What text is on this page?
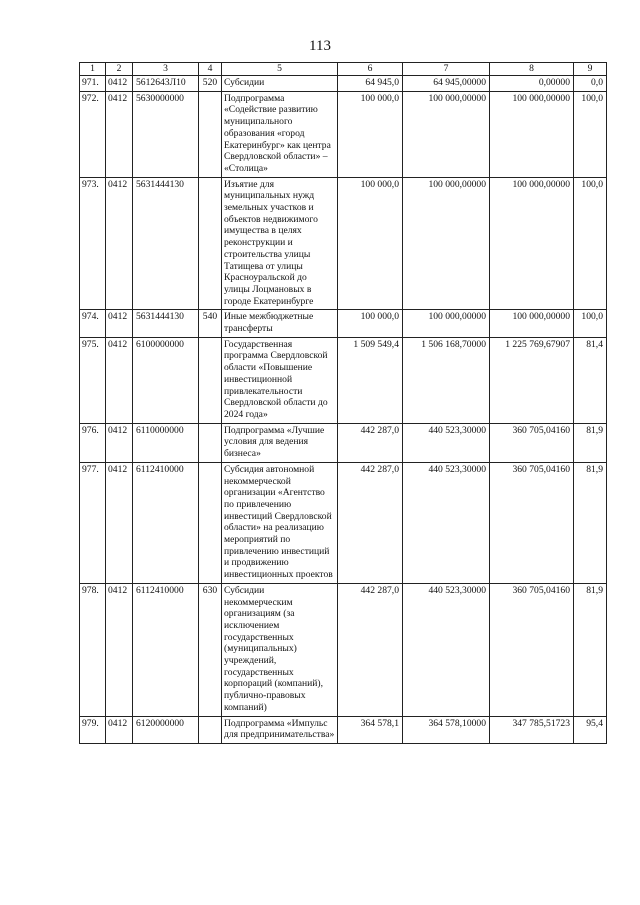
113
1	2	3	4	5	6	7	8	9
971.	0412	5612643Л10	520	Субсидии	64 945,0	64 945,00000	0,00000	0,0
972.	0412	5630000000		Подпрограмма «Содействие развитию муниципального образования «город Екатеринбург» как центра Свердловской области» – «Столица»	100 000,0	100 000,00000	100 000,00000	100,0
973.	0412	5631444130		Изъятие для муниципальных нужд земельных участков и объектов недвижимого имущества в целях реконструкции и строительства улицы Татищева от улицы Красноуральской до улицы Лоцмановых в городе Екатеринбурге	100 000,0	100 000,00000	100 000,00000	100,0
974.	0412	5631444130	540	Иные межбюджетные трансферты	100 000,0	100 000,00000	100 000,00000	100,0
975.	0412	6100000000		Государственная программа Свердловской области «Повышение инвестиционной привлекательности Свердловской области до 2024 года»	1 509 549,4	1 506 168,70000	1 225 769,67907	81,4
976.	0412	6110000000		Подпрограмма «Лучшие условия для ведения бизнеса»	442 287,0	440 523,30000	360 705,04160	81,9
977.	0412	6112410000		Субсидия автономной некоммерческой организации «Агентство по привлечению инвестиций Свердловской области» на реализацию мероприятий по привлечению инвестиций и продвижению инвестиционных проектов	442 287,0	440 523,30000	360 705,04160	81,9
978.	0412	6112410000	630	Субсидии некоммерческим организациям (за исключением государственных (муниципальных) учреждений, государственных корпораций (компаний), публично-правовых компаний)	442 287,0	440 523,30000	360 705,04160	81,9
979.	0412	6120000000		Подпрограмма «Импульс для предпринимательства»	364 578,1	364 578,10000	347 785,51723	95,4
